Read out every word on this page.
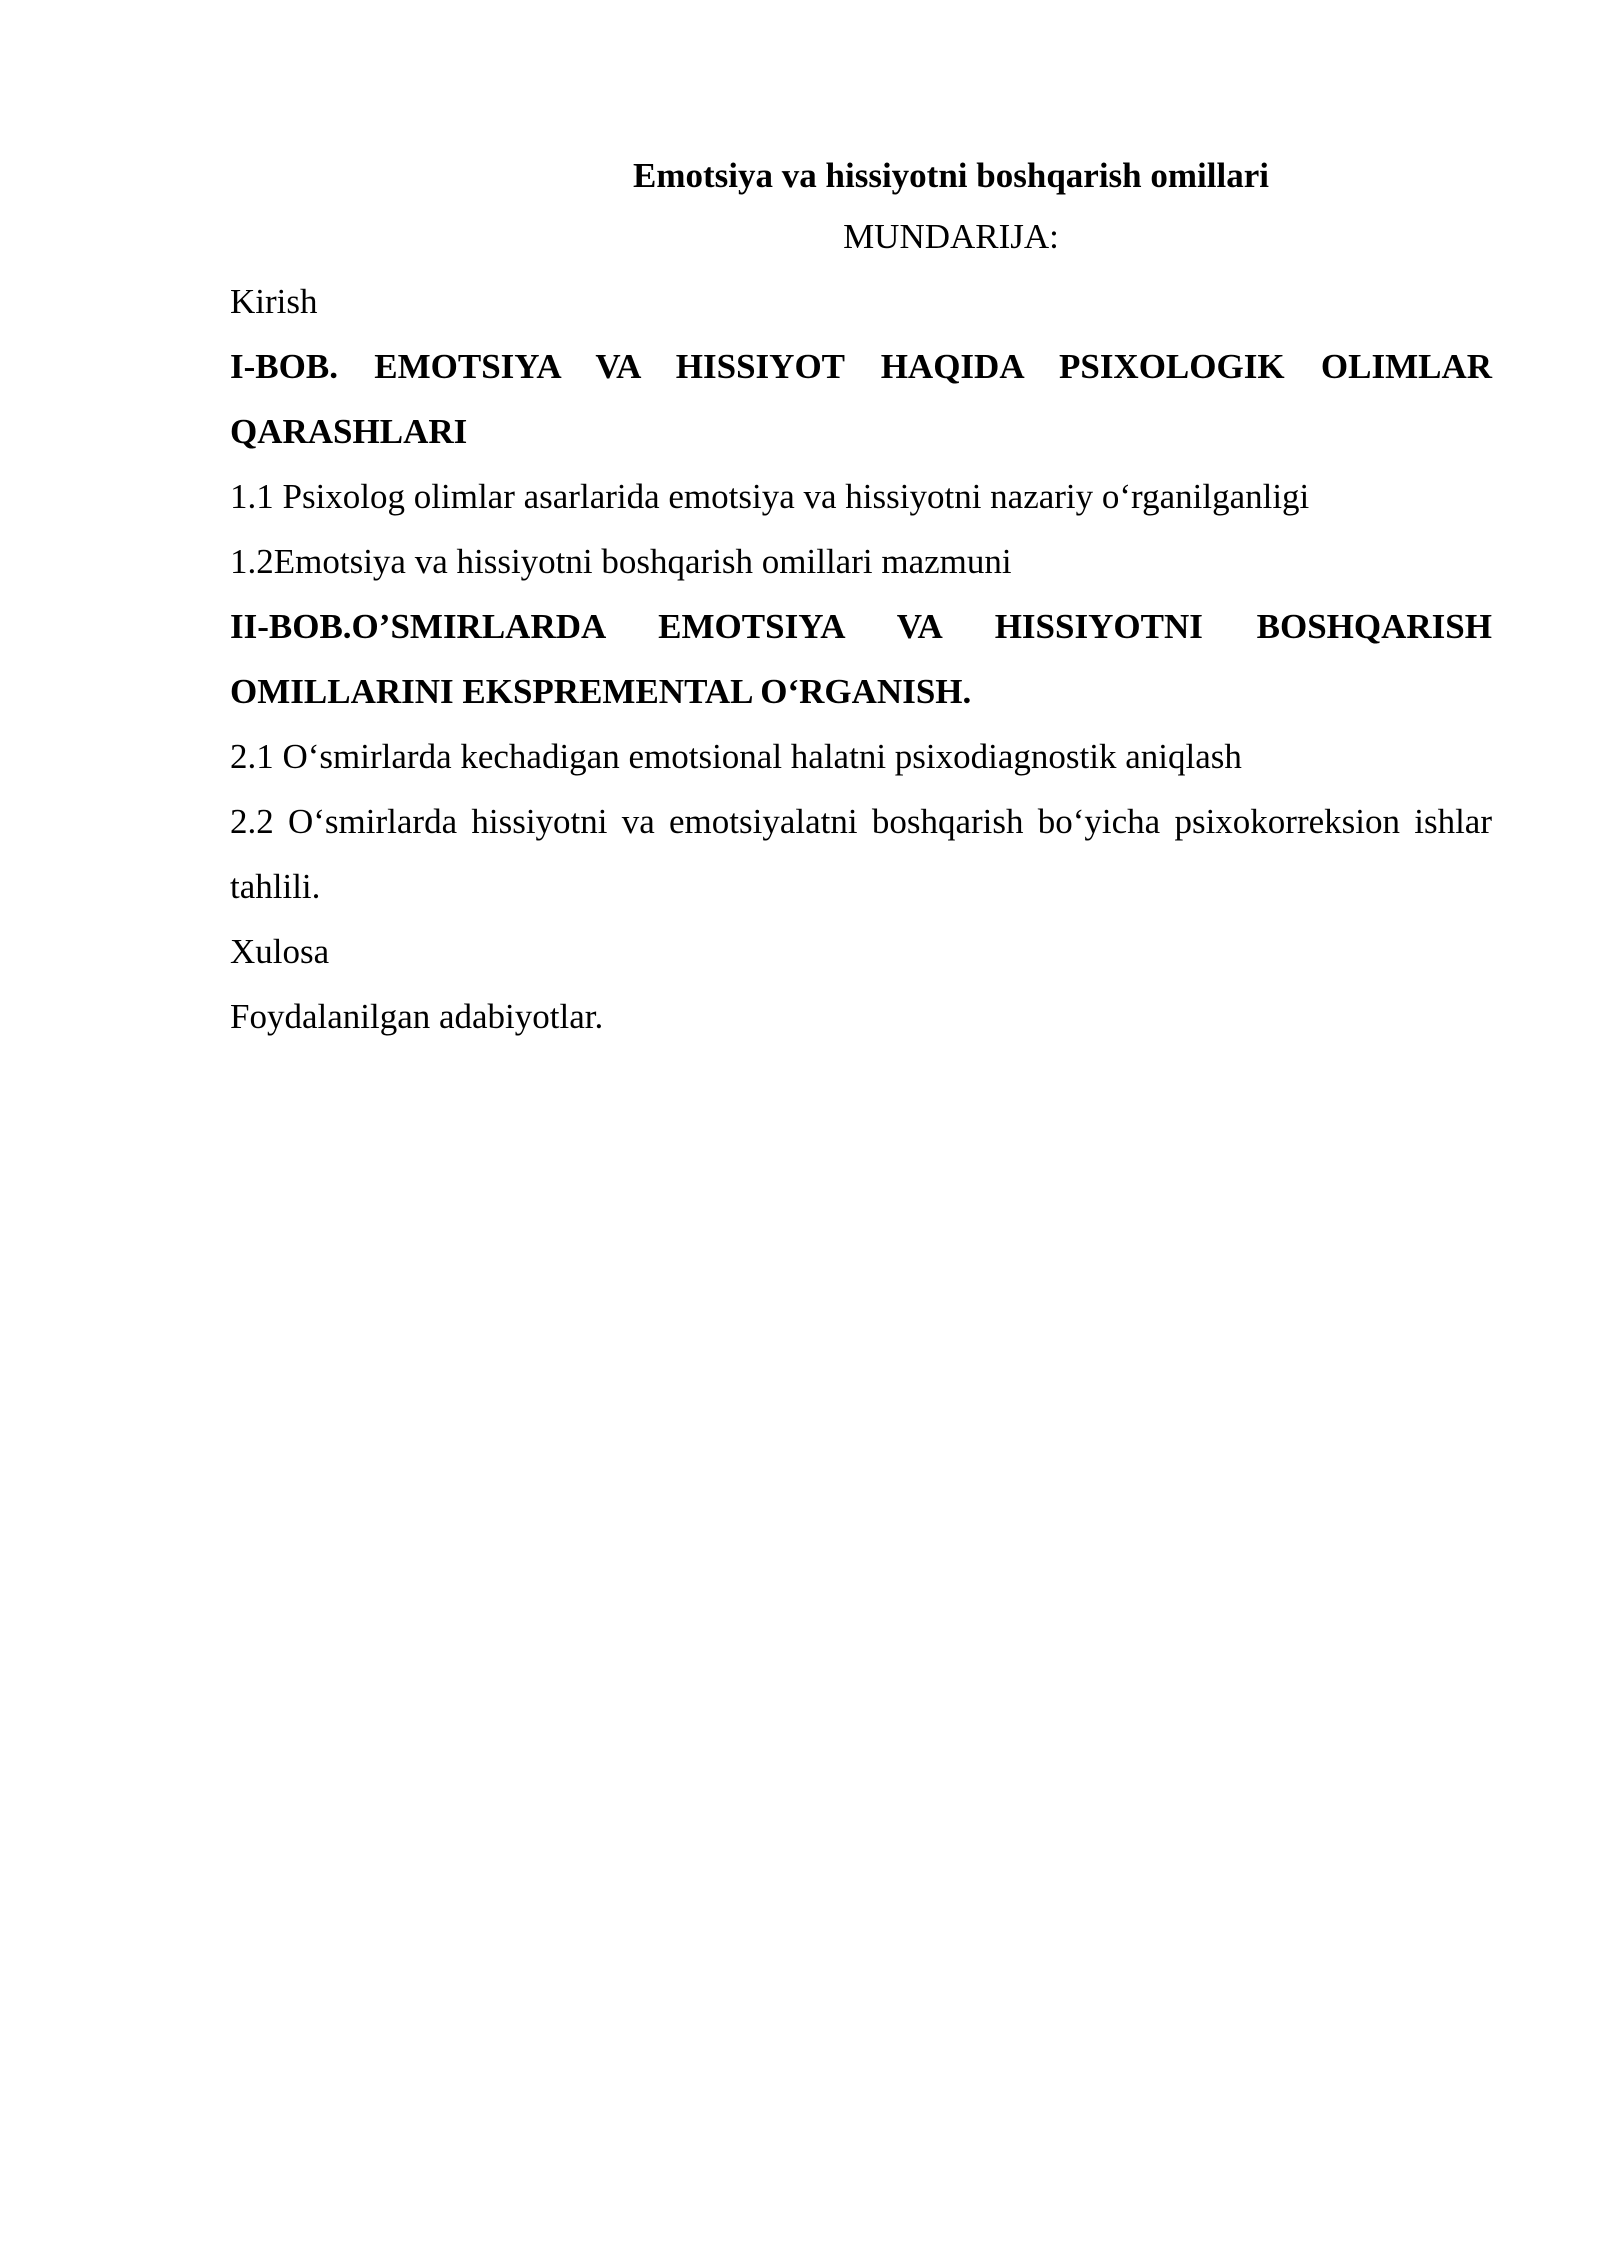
Emotsiya va hissiyotni boshqarish omillari

MUNDARIJA:

Kirish

I-BOB. EMOTSIYA VA HISSIYOT HAQIDA PSIXOLOGIK OLIMLAR QARASHLARI

1.1 Psixolog olimlar asarlarida emotsiya va hissiyotni nazariy o‘rganilganligi

1.2Emotsiya va hissiyotni boshqarish omillari mazmuni

II-BOB.O’SMIRLARDA EMOTSIYA VA HISSIYOTNI BOSHQARISH OMILLARINI EKSPREMENTAL O‘RGANISH.

2.1 O‘smirlarda kechadigan emotsional halatni psixodiagnostik aniqlash

2.2 O‘smirlarda hissiyotni va emotsiyalatni boshqarish bo‘yicha psixokorreksion ishlar tahlili.

Xulosa

Foydalanilgan adabiyotlar.
